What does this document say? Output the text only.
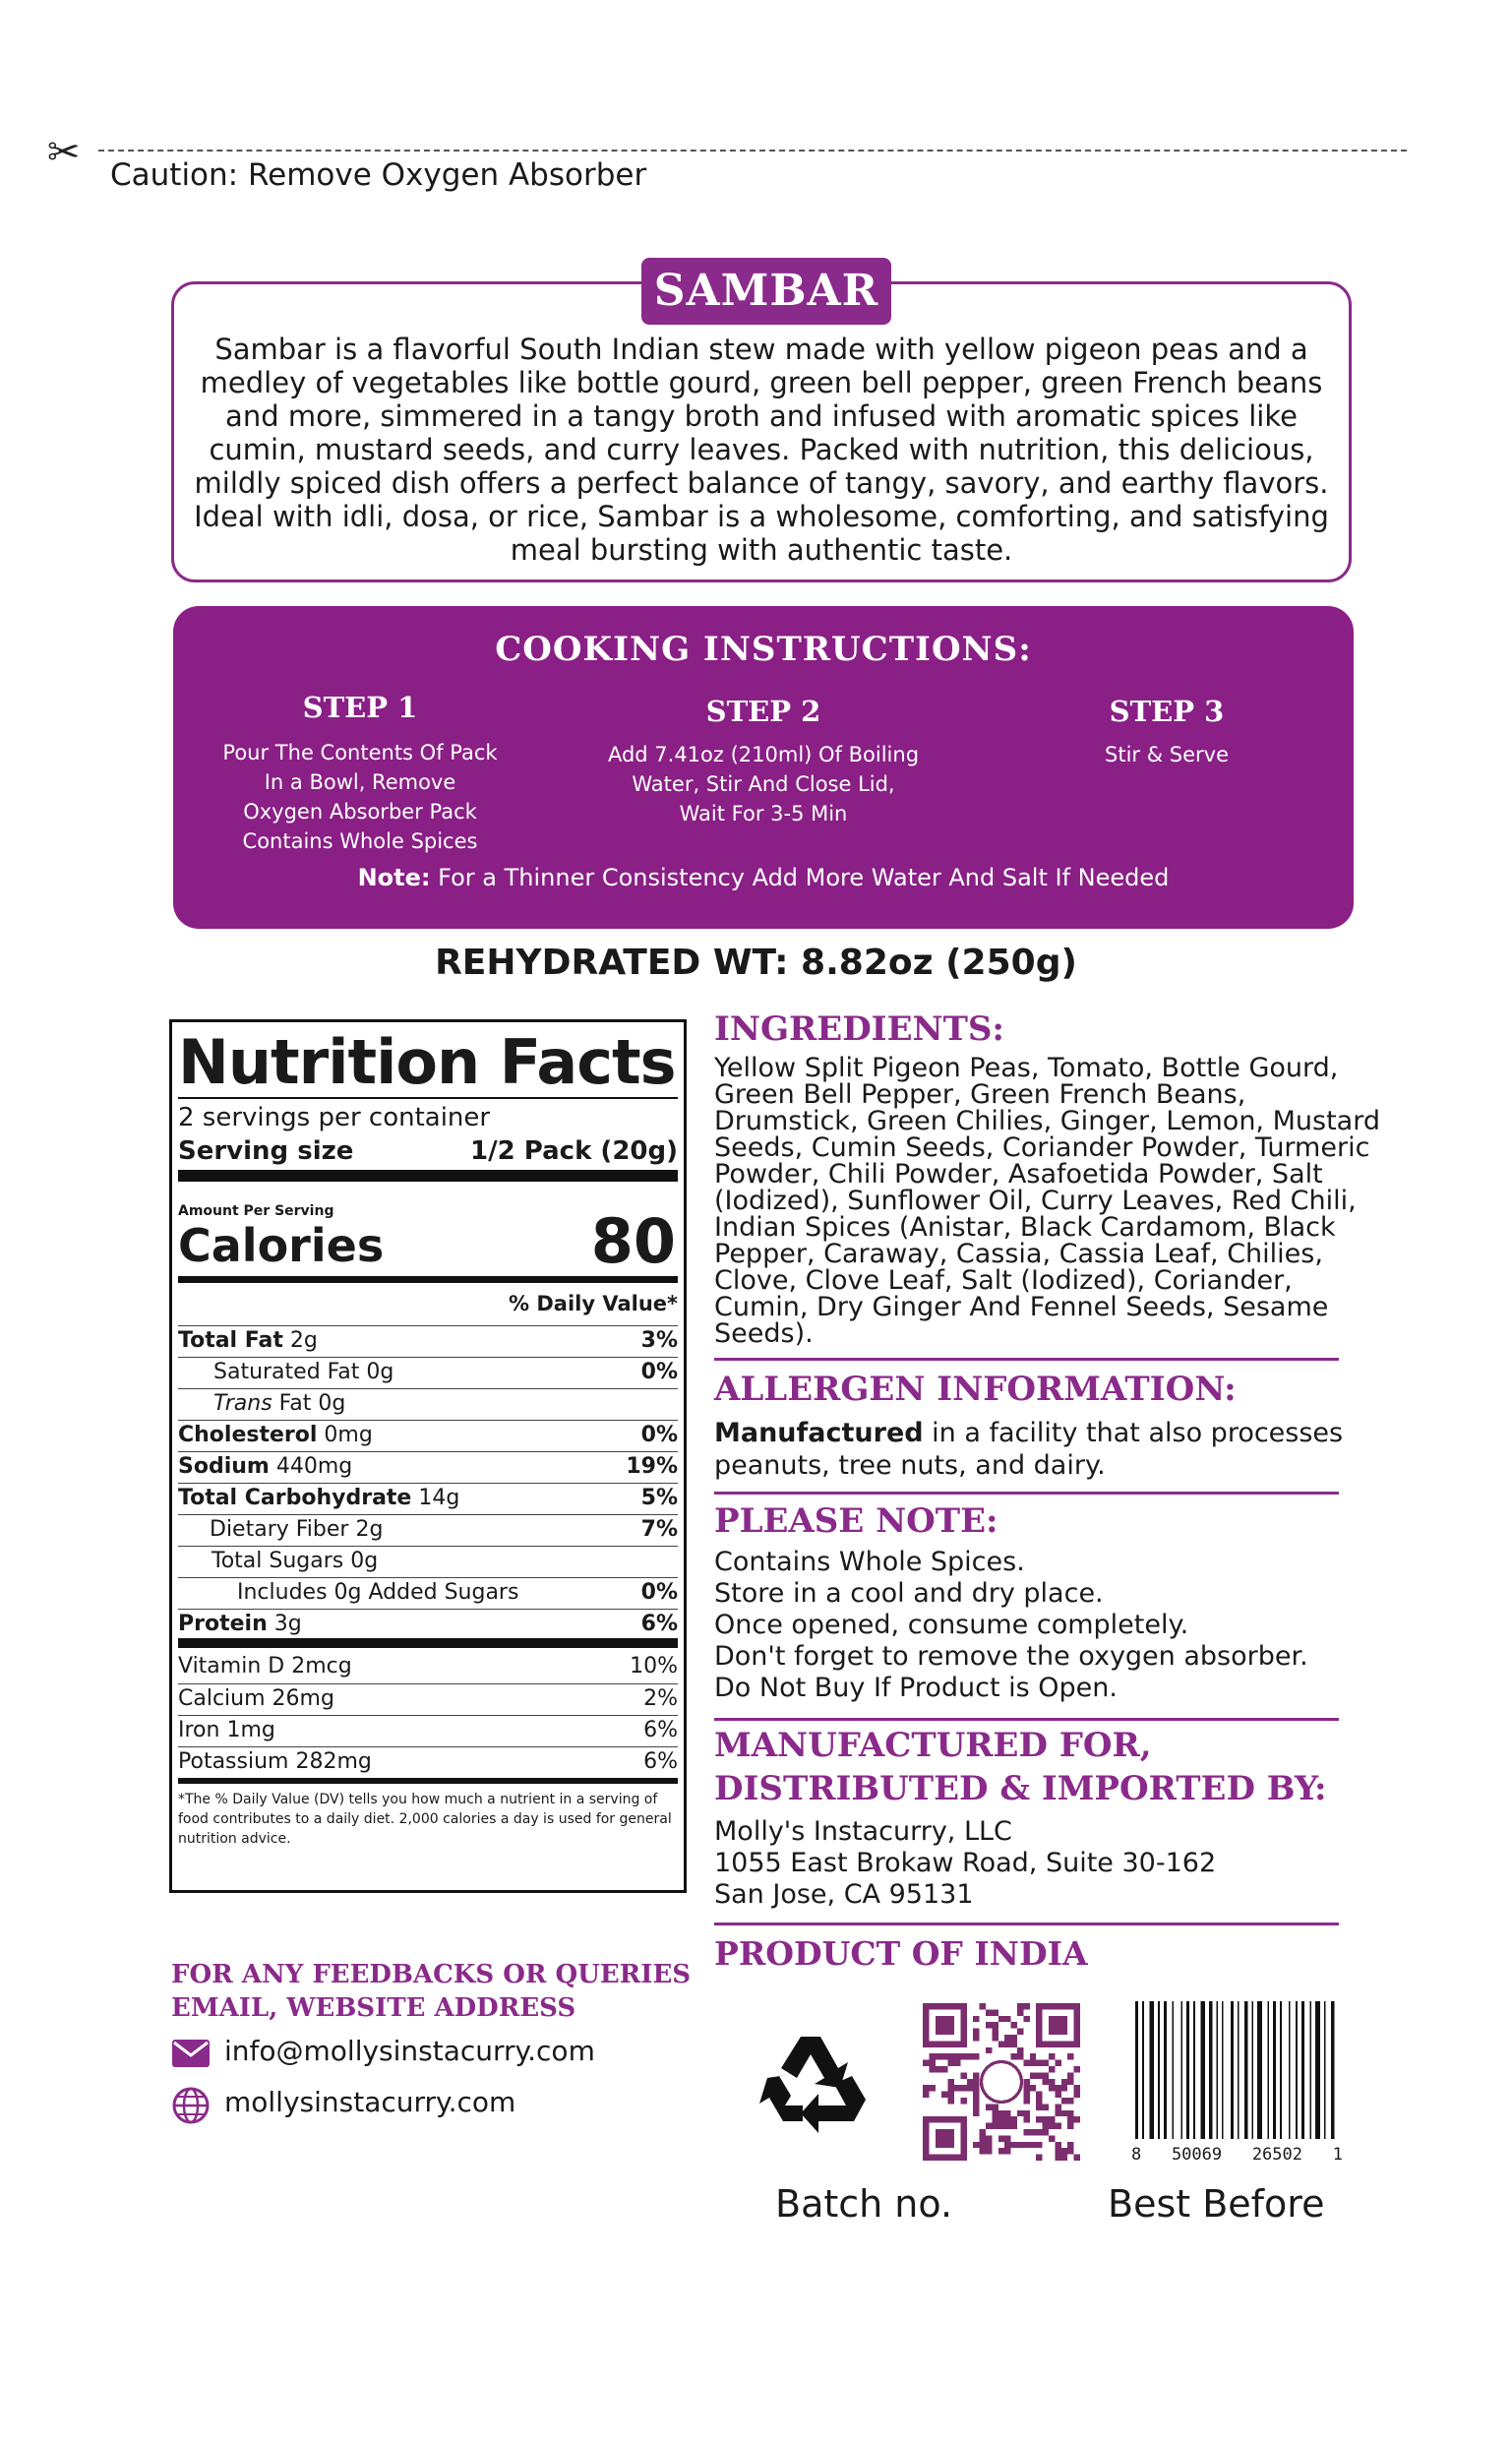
✂ Caution: Remove Oxygen Absorber
SAMBAR
Sambar is a flavorful South Indian stew made with yellow pigeon peas and a medley of vegetables like bottle gourd, green bell pepper, green French beans and more, simmered in a tangy broth and infused with aromatic spices like cumin, mustard seeds, and curry leaves. Packed with nutrition, this delicious, mildly spiced dish offers a perfect balance of tangy, savory, and earthy flavors. Ideal with idli, dosa, or rice, Sambar is a wholesome, comforting, and satisfying meal bursting with authentic taste.
COOKING INSTRUCTIONS:
STEP 1	STEP 2	STEP 3
Pour The Contents Of Pack In a Bowl, Remove Oxygen Absorber Pack Contains Whole Spices
Add 7.41oz (210ml) Of Boiling Water, Stir And Close Lid, Wait For 3-5 Min
Stir & Serve
Note: For a Thinner Consistency Add More Water And Salt If Needed
REHYDRATED WT: 8.82oz (250g)
Nutrition Facts
2 servings per container
Serving size	1/2 Pack (20g)
Amount Per Serving
Calories	80
% Daily Value*
Total Fat 2g	3%
Saturated Fat 0g	0%
Trans Fat 0g
Cholesterol 0mg	0%
Sodium 440mg	19%
Total Carbohydrate 14g	5%
Dietary Fiber 2g	7%
Total Sugars 0g
Includes 0g Added Sugars	0%
Protein 3g	6%
Vitamin D 2mcg	10%
Calcium 26mg	2%
Iron 1mg	6%
Potassium 282mg	6%
*The % Daily Value (DV) tells you how much a nutrient in a serving of food contributes to a daily diet. 2,000 calories a day is used for general nutrition advice.
INGREDIENTS:
Yellow Split Pigeon Peas, Tomato, Bottle Gourd, Green Bell Pepper, Green French Beans, Drumstick, Green Chilies, Ginger, Lemon, Mustard Seeds, Cumin Seeds, Coriander Powder, Turmeric Powder, Chili Powder, Asafoetida Powder, Salt (Iodized), Sunflower Oil, Curry Leaves, Red Chili, Indian Spices (Anistar, Black Cardamom, Black Pepper, Caraway, Cassia, Cassia Leaf, Chilies, Clove, Clove Leaf, Salt (Iodized), Coriander, Cumin, Dry Ginger And Fennel Seeds, Sesame Seeds).
ALLERGEN INFORMATION:
Manufactured in a facility that also processes peanuts, tree nuts, and dairy.
PLEASE NOTE:
Contains Whole Spices.
Store in a cool and dry place.
Once opened, consume completely.
Don't forget to remove the oxygen absorber.
Do Not Buy If Product is Open.
MANUFACTURED FOR,
DISTRIBUTED & IMPORTED BY:
Molly's Instacurry, LLC
1055 East Brokaw Road, Suite 30-162
San Jose, CA 95131
PRODUCT OF INDIA
FOR ANY FEEDBACKS OR QUERIES
EMAIL, WEBSITE ADDRESS
info@mollysinstacurry.com
mollysinstacurry.com
8   50069   26502   1
Batch no.	Best Before
